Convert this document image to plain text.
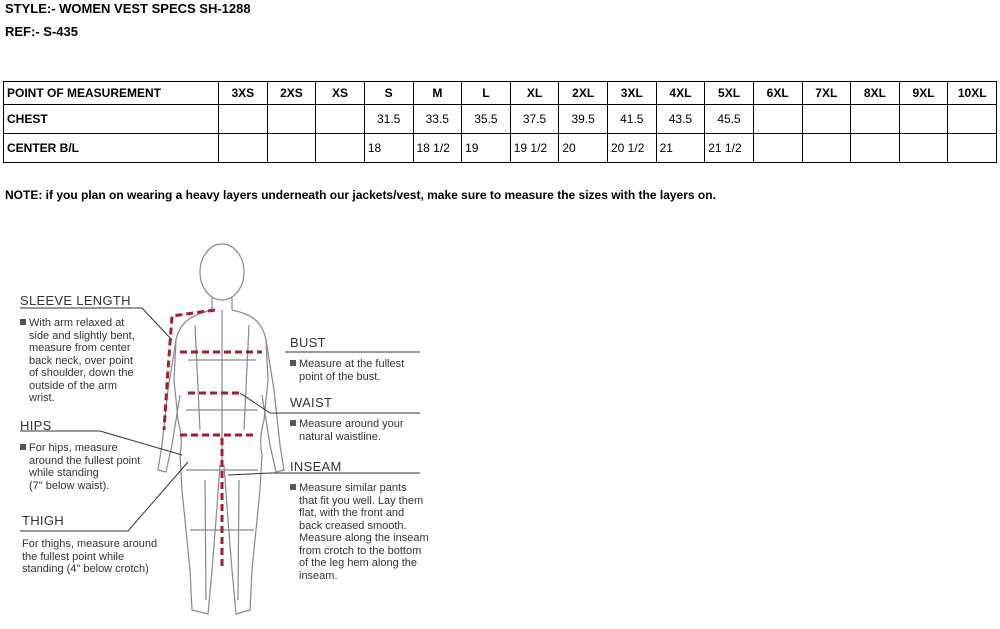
STYLE:- WOMEN VEST SPECS SH-1288
REF:- S-435
POINT OF MEASUREMENT	3XS	2XS	XS	S	M	L	XL	2XL	3XL	4XL	5XL	6XL	7XL	8XL	9XL	10XL
CHEST				31.5	33.5	35.5	37.5	39.5	41.5	43.5	45.5					
CENTER B/L				18	18 1/2	19	19 1/2	20	20 1/2	21	21 1/2					
NOTE: if you plan on wearing a heavy layers underneath our jackets/vest, make sure to measure the sizes with the layers on.
SLEEVE LENGTH
With arm relaxed at
side and slightly bent,
measure from center
back neck, over point
of shoulder, down the
outside of the arm
wrist.
HIPS
For hips, measure
around the fullest point
while standing
(7" below waist).
THIGH
For thighs, measure around
the fullest point while
standing (4" below crotch)
BUST
Measure at the fullest
point of the bust.
WAIST
Measure around your
natural waistline.
INSEAM
Measure similar pants
that fit you well. Lay them
flat, with the front and
back creased smooth.
Measure along the inseam
from crotch to the bottom
of the leg hem along the
inseam.
